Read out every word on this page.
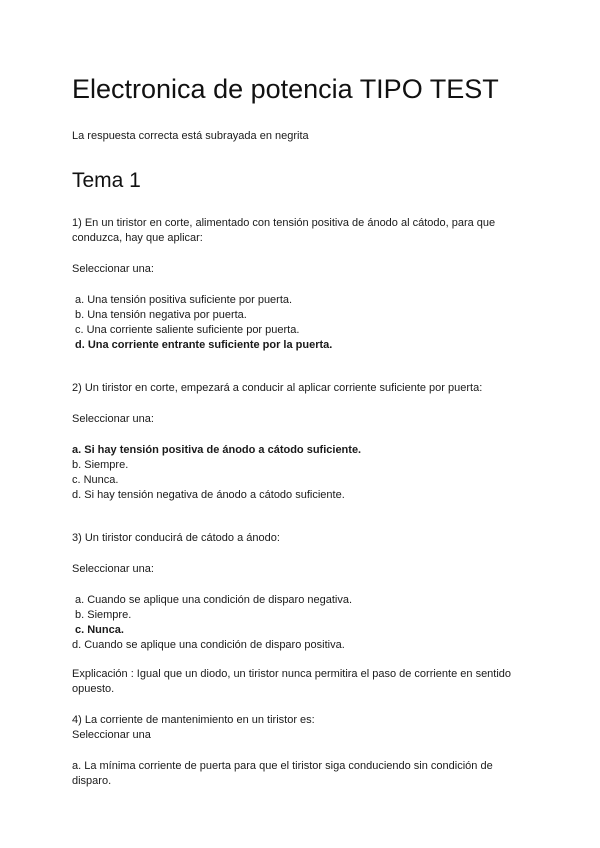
Electronica de potencia TIPO TEST

La respuesta correcta está subrayada en negrita

Tema 1

1) En un tiristor en corte, alimentado con tensión positiva de ánodo al cátodo, para que conduzca, hay que aplicar:

Seleccionar una:

a. Una tensión positiva suficiente por puerta.

b. Una tensión negativa por puerta.

c. Una corriente saliente suficiente por puerta.

d. Una corriente entrante suficiente por la puerta.

2) Un tiristor en corte, empezará a conducir al aplicar corriente suficiente por puerta:

Seleccionar una:

a. Si hay tensión positiva de ánodo a cátodo suficiente.

b. Siempre.

c. Nunca.

d. Si hay tensión negativa de ánodo a cátodo suficiente.

3) Un tiristor conducirá de cátodo a ánodo:

Seleccionar una:

a. Cuando se aplique una condición de disparo negativa.

b. Siempre.

c. Nunca.

d. Cuando se aplique una condición de disparo positiva.

Explicación : Igual que un diodo, un tiristor nunca permitira el paso de corriente en sentido opuesto.

4) La corriente de mantenimiento en un tiristor es:

Seleccionar una

a. La mínima corriente de puerta para que el tiristor siga conduciendo sin condición de disparo.
